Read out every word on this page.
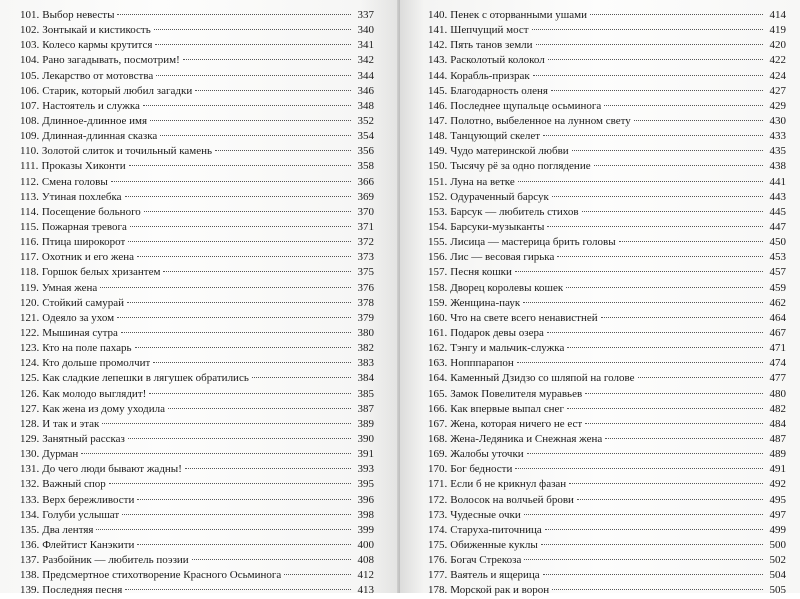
101. Выбор невесты	337
102. Зонтыкай и кистикость	340
103. Колесо кармы крутится	341
104. Рано загадывать, посмотрим!	342
105. Лекарство от мотовства	344
106. Старик, который любил загадки	346
107. Настоятель и служка	348
108. Длинное-длинное имя	352
109. Длинная-длинная сказка	354
110. Золотой слиток и точильный камень	356
111. Проказы Хиконти	358
112. Смена головы	366
113. Утиная похлебка	369
114. Посещение больного	370
115. Пожарная тревога	371
116. Птица широкорот	372
117. Охотник и его жена	373
118. Горшок белых хризантем	375
119. Умная жена	376
120. Стойкий самурай	378
121. Одеяло за ухом	379
122. Мышиная сутра	380
123. Кто на поле пахарь	382
124. Кто дольше промолчит	383
125. Как сладкие лепешки в лягушек обратились	384
126. Как молодо выглядит!	385
127. Как жена из дому уходила	387
128. И так и этак	389
129. Занятный рассказ	390
130. Дурман	391
131. До чего люди бывают жадны!	393
132. Важный спор	395
133. Верх бережливости	396
134. Голуби услышат	398
135. Два лентяя	399
136. Флейтист Канэкити	400
137. Разбойник — любитель поэзии	408
138. Предсмертное стихотворение Красного Осьминога	412
139. Последняя песня	413
140. Пенек с оторванными ушами	414
141. Шепчущий мост	419
142. Пять танов земли	420
143. Расколотый колокол	422
144. Корабль-призрак	424
145. Благодарность оленя	427
146. Последнее щупальце осьминога	429
147. Полотно, выбеленное на лунном свету	430
148. Танцующий скелет	433
149. Чудо материнской любви	435
150. Тысячу рё за одно поглядение	438
151. Луна на ветке	441
152. Одураченный барсук	443
153. Барсук — любитель стихов	445
154. Барсуки-музыканты	447
155. Лисица — мастерица брить головы	450
156. Лис — весовая гирька	453
157. Песня кошки	457
158. Дворец королевы кошек	459
159. Женщина-паук	462
160. Что на свете всего ненавистней	464
161. Подарок девы озера	467
162. Тэнгу и мальчик-служка	471
163. Нопппарапон	474
164. Каменный Дзидзо со шляпой на голове	477
165. Замок Повелителя муравьев	480
166. Как впервые выпал снег	482
167. Жена, которая ничего не ест	484
168. Жена-Ледяника и Снежная жена	487
169. Жалобы уточки	489
170. Бог бедности	491
171. Если б не крикнул фазан	492
172. Волосок на волчьей брови	495
173. Чудесные очки	497
174. Старуха-питочница	499
175. Обиженные куклы	500
176. Богач Стрекоза	502
177. Ваятель и ящерица	504
178. Морской рак и ворон	505
